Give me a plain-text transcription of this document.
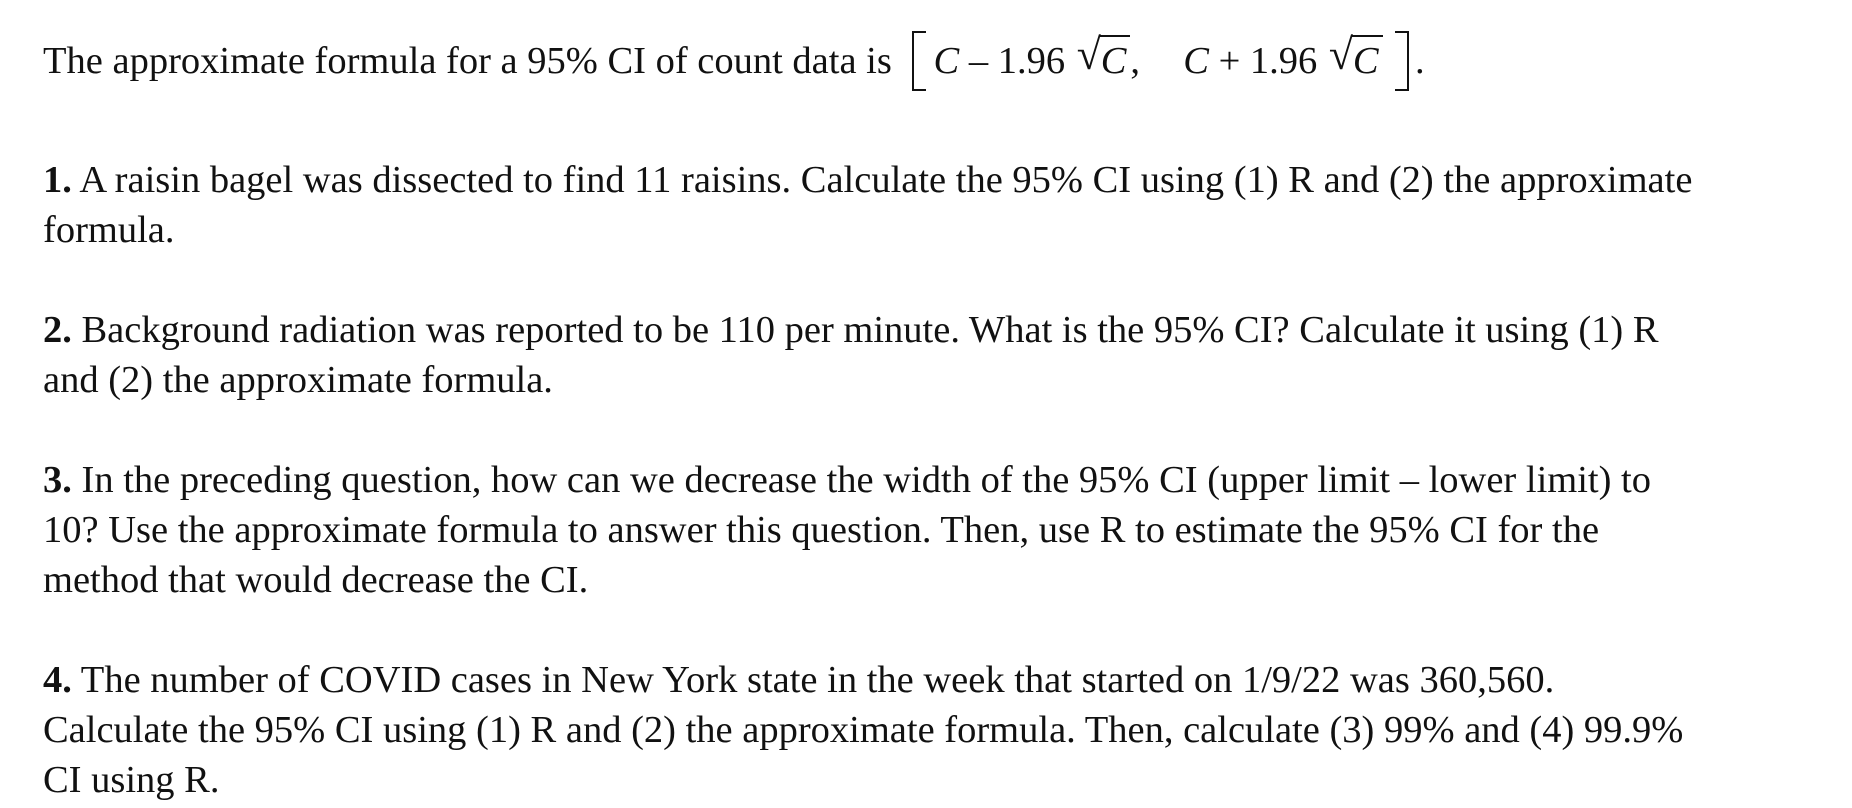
The approximate formula for a 95% CI of count data is C – 1.96 √ C , C + 1.96 √ C .
1. A raisin bagel was dissected to find 11 raisins. Calculate the 95% CI using (1) R and (2) the approximate
formula.
2. Background radiation was reported to be 110 per minute. What is the 95% CI? Calculate it using (1) R
and (2) the approximate formula.
3. In the preceding question, how can we decrease the width of the 95% CI (upper limit – lower limit) to
10? Use the approximate formula to answer this question. Then, use R to estimate the 95% CI for the
method that would decrease the CI.
4. The number of COVID cases in New York state in the week that started on 1/9/22 was 360,560.
Calculate the 95% CI using (1) R and (2) the approximate formula. Then, calculate (3) 99% and (4) 99.9%
CI using R.
